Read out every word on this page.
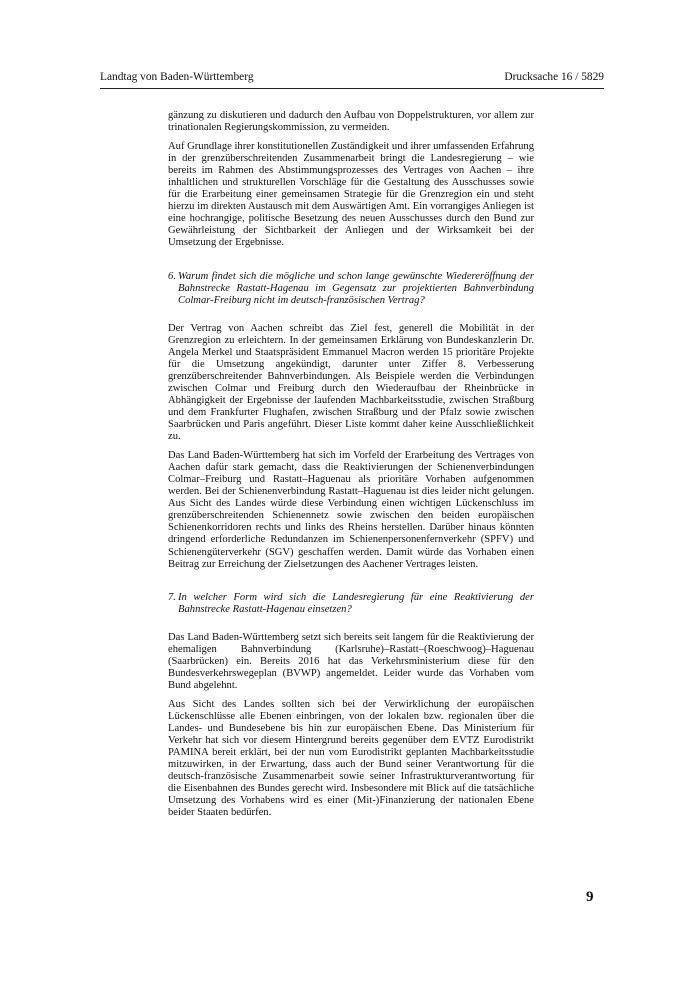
Landtag von Baden-Württemberg	Drucksache 16 / 5829

gänzung zu diskutieren und dadurch den Aufbau von Doppelstrukturen, vor allem zur trinationalen Regierungskommission, zu vermeiden.

Auf Grundlage ihrer konstitutionellen Zuständigkeit und ihrer umfassenden Erfahrung in der grenzüberschreitenden Zusammenarbeit bringt die Landesregierung – wie bereits im Rahmen des Abstimmungsprozesses des Vertrages von Aachen – ihre inhaltlichen und strukturellen Vorschläge für die Gestaltung des Ausschusses sowie für die Erarbeitung einer gemeinsamen Strategie für die Grenzregion ein und steht hierzu im direkten Austausch mit dem Auswärtigen Amt. Ein vorrangiges Anliegen ist eine hochrangige, politische Besetzung des neuen Ausschusses durch den Bund zur Gewährleistung der Sichtbarkeit der Anliegen und der Wirksamkeit bei der Umsetzung der Ergebnisse.

6. Warum findet sich die mögliche und schon lange gewünschte Wiedereröffnung der Bahnstrecke Rastatt-Hagenau im Gegensatz zur projektierten Bahnverbindung Colmar-Freiburg nicht im deutsch-französischen Vertrag?

Der Vertrag von Aachen schreibt das Ziel fest, generell die Mobilität in der Grenzregion zu erleichtern. In der gemeinsamen Erklärung von Bundeskanzlerin Dr. Angela Merkel und Staatspräsident Emmanuel Macron werden 15 prioritäre Projekte für die Umsetzung angekündigt, darunter unter Ziffer 8. Verbesserung grenzüberschreitender Bahnverbindungen. Als Beispiele werden die Verbindungen zwischen Colmar und Freiburg durch den Wiederaufbau der Rheinbrücke in Abhängigkeit der Ergebnisse der laufenden Machbarkeitsstudie, zwischen Straßburg und dem Frankfurter Flughafen, zwischen Straßburg und der Pfalz sowie zwischen Saarbrücken und Paris angeführt. Dieser Liste kommt daher keine Ausschließlichkeit zu.

Das Land Baden-Württemberg hat sich im Vorfeld der Erarbeitung des Vertrages von Aachen dafür stark gemacht, dass die Reaktivierungen der Schienenverbindungen Colmar–Freiburg und Rastatt–Haguenau als prioritäre Vorhaben aufgenommen werden. Bei der Schienenverbindung Rastatt–Haguenau ist dies leider nicht gelungen. Aus Sicht des Landes würde diese Verbindung einen wichtigen Lückenschluss im grenzüberschreitenden Schienennetz sowie zwischen den beiden europäischen Schienenkorridoren rechts und links des Rheins herstellen. Darüber hinaus könnten dringend erforderliche Redundanzen im Schienenpersonenfernverkehr (SPFV) und Schienengüterverkehr (SGV) geschaffen werden. Damit würde das Vorhaben einen Beitrag zur Erreichung der Zielsetzungen des Aachener Vertrages leisten.

7. In welcher Form wird sich die Landesregierung für eine Reaktivierung der Bahnstrecke Rastatt-Hagenau einsetzen?

Das Land Baden-Württemberg setzt sich bereits seit langem für die Reaktivierung der ehemaligen Bahnverbindung (Karlsruhe)–Rastatt–(Roeschwoog)–Haguenau (Saarbrücken) ein. Bereits 2016 hat das Verkehrsministerium diese für den Bundesverkehrswegeplan (BVWP) angemeldet. Leider wurde das Vorhaben vom Bund abgelehnt.

Aus Sicht des Landes sollten sich bei der Verwirklichung der europäischen Lückenschlüsse alle Ebenen einbringen, von der lokalen bzw. regionalen über die Landes- und Bundesebene bis hin zur europäischen Ebene. Das Ministerium für Verkehr hat sich vor diesem Hintergrund bereits gegenüber dem EVTZ Eurodistrikt PAMINA bereit erklärt, bei der nun vom Eurodistrikt geplanten Machbarkeitsstudie mitzuwirken, in der Erwartung, dass auch der Bund seiner Verantwortung für die deutsch-französische Zusammenarbeit sowie seiner Infrastrukturverantwortung für die Eisenbahnen des Bundes gerecht wird. Insbesondere mit Blick auf die tatsächliche Umsetzung des Vorhabens wird es einer (Mit-)Finanzierung der nationalen Ebene beider Staaten bedürfen.

9
